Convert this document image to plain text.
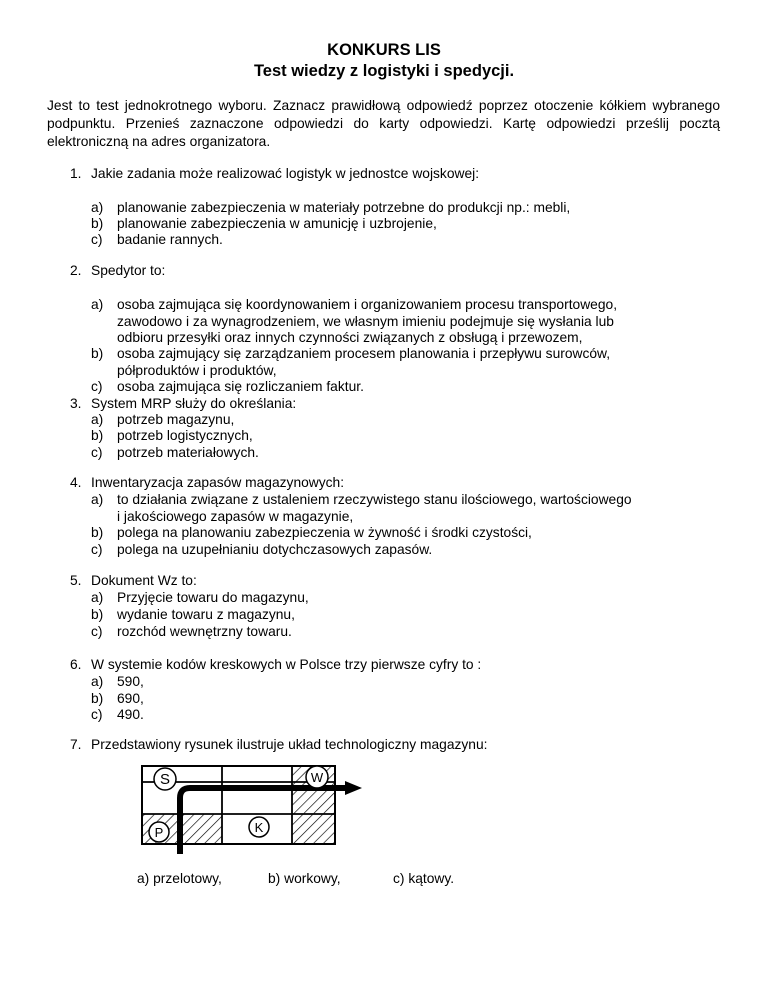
KONKURS LIS
Test wiedzy z logistyki i spedycji.
Jest to test jednokrotnego wyboru. Zaznacz prawidłową odpowiedź poprzez otoczenie kółkiem wybranego podpunktu. Przenieś zaznaczone odpowiedzi do karty odpowiedzi. Kartę odpowiedzi prześlij pocztą elektroniczną na adres organizatora.
1. Jakie zadania może realizować logistyk w jednostce wojskowej:
a) planowanie zabezpieczenia w materiały potrzebne do produkcji np.: mebli,
b) planowanie zabezpieczenia w amunicję i uzbrojenie,
c) badanie rannych.
2. Spedytor to:
a) osoba zajmująca się koordynowaniem i organizowaniem procesu transportowego,
zawodowo i za wynagrodzeniem, we własnym imieniu podejmuje się wysłania lub
odbioru przesyłki oraz innych czynności związanych z obsługą i przewozem,
b) osoba zajmujący się zarządzaniem procesem planowania i przepływu surowców,
półproduktów i produktów,
c) osoba zajmująca się rozliczaniem faktur.
3. System MRP służy do określania:
a) potrzeb magazynu,
b) potrzeb logistycznych,
c) potrzeb materiałowych.
4. Inwentaryzacja zapasów magazynowych:
a) to działania związane z ustaleniem rzeczywistego stanu ilościowego, wartościowego
i jakościowego zapasów w magazynie,
b) polega na planowaniu zabezpieczenia w żywność i środki czystości,
c) polega na uzupełnianiu dotychczasowych zapasów.
5. Dokument Wz to:
a) Przyjęcie towaru do magazynu,
b) wydanie towaru z magazynu,
c) rozchód wewnętrzny towaru.
6. W systemie kodów kreskowych w Polsce trzy pierwsze cyfry to :
a) 590,
b) 690,
c) 490.
7. Przedstawiony rysunek ilustruje układ technologiczny magazynu:
S	W
P	K
a) przelotowy,	b) workowy,	c) kątowy.
